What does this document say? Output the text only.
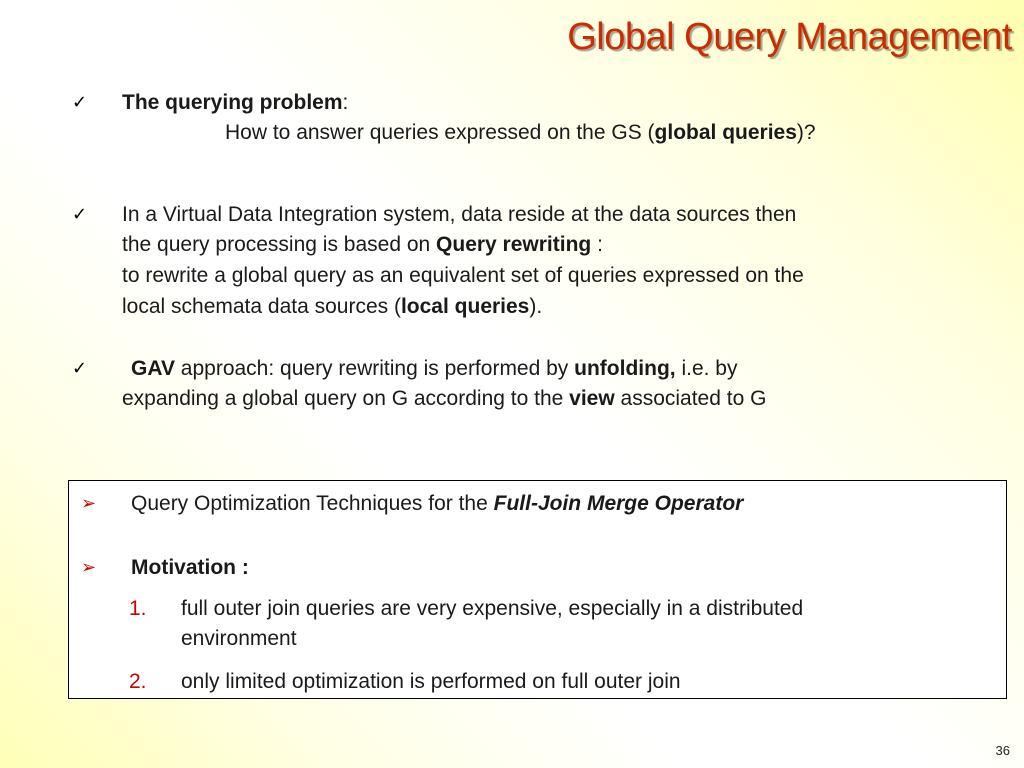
Global Query Management
✓ The querying problem:
How to answer queries expressed on the GS (global queries)?
✓ In a Virtual Data Integration system, data reside at the data sources then
the query processing is based on Query rewriting :
to rewrite a global query as an equivalent set of queries expressed on the
local schemata data sources (local queries).
✓ GAV approach: query rewriting is performed by unfolding, i.e. by
expanding a global query on G according to the view associated to G
➢ Query Optimization Techniques for the Full-Join Merge Operator
➢ Motivation :
1. full outer join queries are very expensive, especially in a distributed
environment
2. only limited optimization is performed on full outer join
36
